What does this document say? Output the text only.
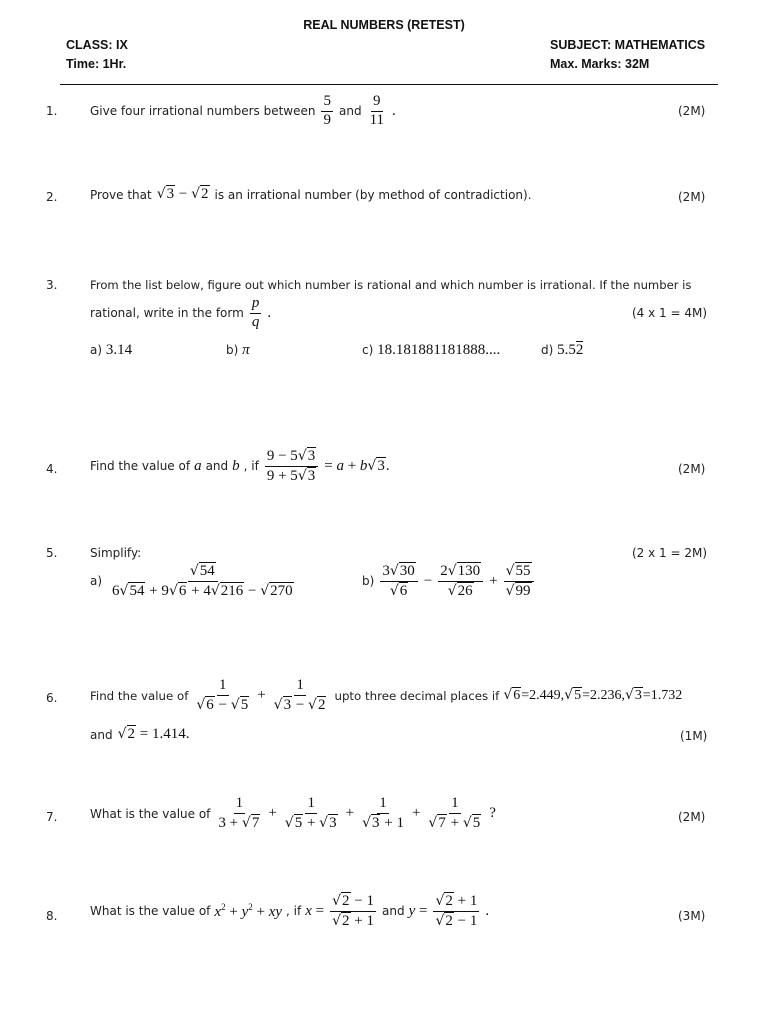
REAL NUMBERS (RETEST)
CLASS: IX
Time: 1Hr.
SUBJECT: MATHEMATICS
Max. Marks: 32M
1.	Give four irrational numbers between $\frac{5}{9}$ and $\frac{9}{11}$ .	(2M)
2.	Prove that √3 − √2 is an irrational number (by method of contradiction).	(2M)
3.	From the list below, figure out which number is rational and which number is irrational. If the number is
rational, write in the form $\frac{p}{q}$ .	(4 x 1 = 4M)
a) 3.14	b) π	c) 18.181881181888....	d) 5.52
4.	Find the value of a and b , if $\frac{9 - 5√3}{9 + 5√3} = a + b√3$.	(2M)
5.	Simplify:	(2 x 1 = 2M)
$a) \frac{√54}{6√54 + 9√6 + 4√216 - √270}$	$b) \frac{3√30}{√6} - \frac{2√130}{√26} + \frac{√55}{√99}$
6.	Find the value of $\frac{1}{√6 - √5} + \frac{1}{√3 - √2}$ upto three decimal places if √6=2.449,√5=2.236,√3=1.732
and √2 = 1.414.	(1M)
7.	What is the value of $\frac{1}{3 + √7} + \frac{1}{√5 + √3} + \frac{1}{√3 + 1} + \frac{1}{√7 + √5}$ ?	(2M)
8.	What is the value of $x^2 + y^2$ + xy , if $x = \frac{√2 - 1}{√2 + 1}$ and $y = \frac{√2 + 1}{√2 - 1}$ .	(3M)
